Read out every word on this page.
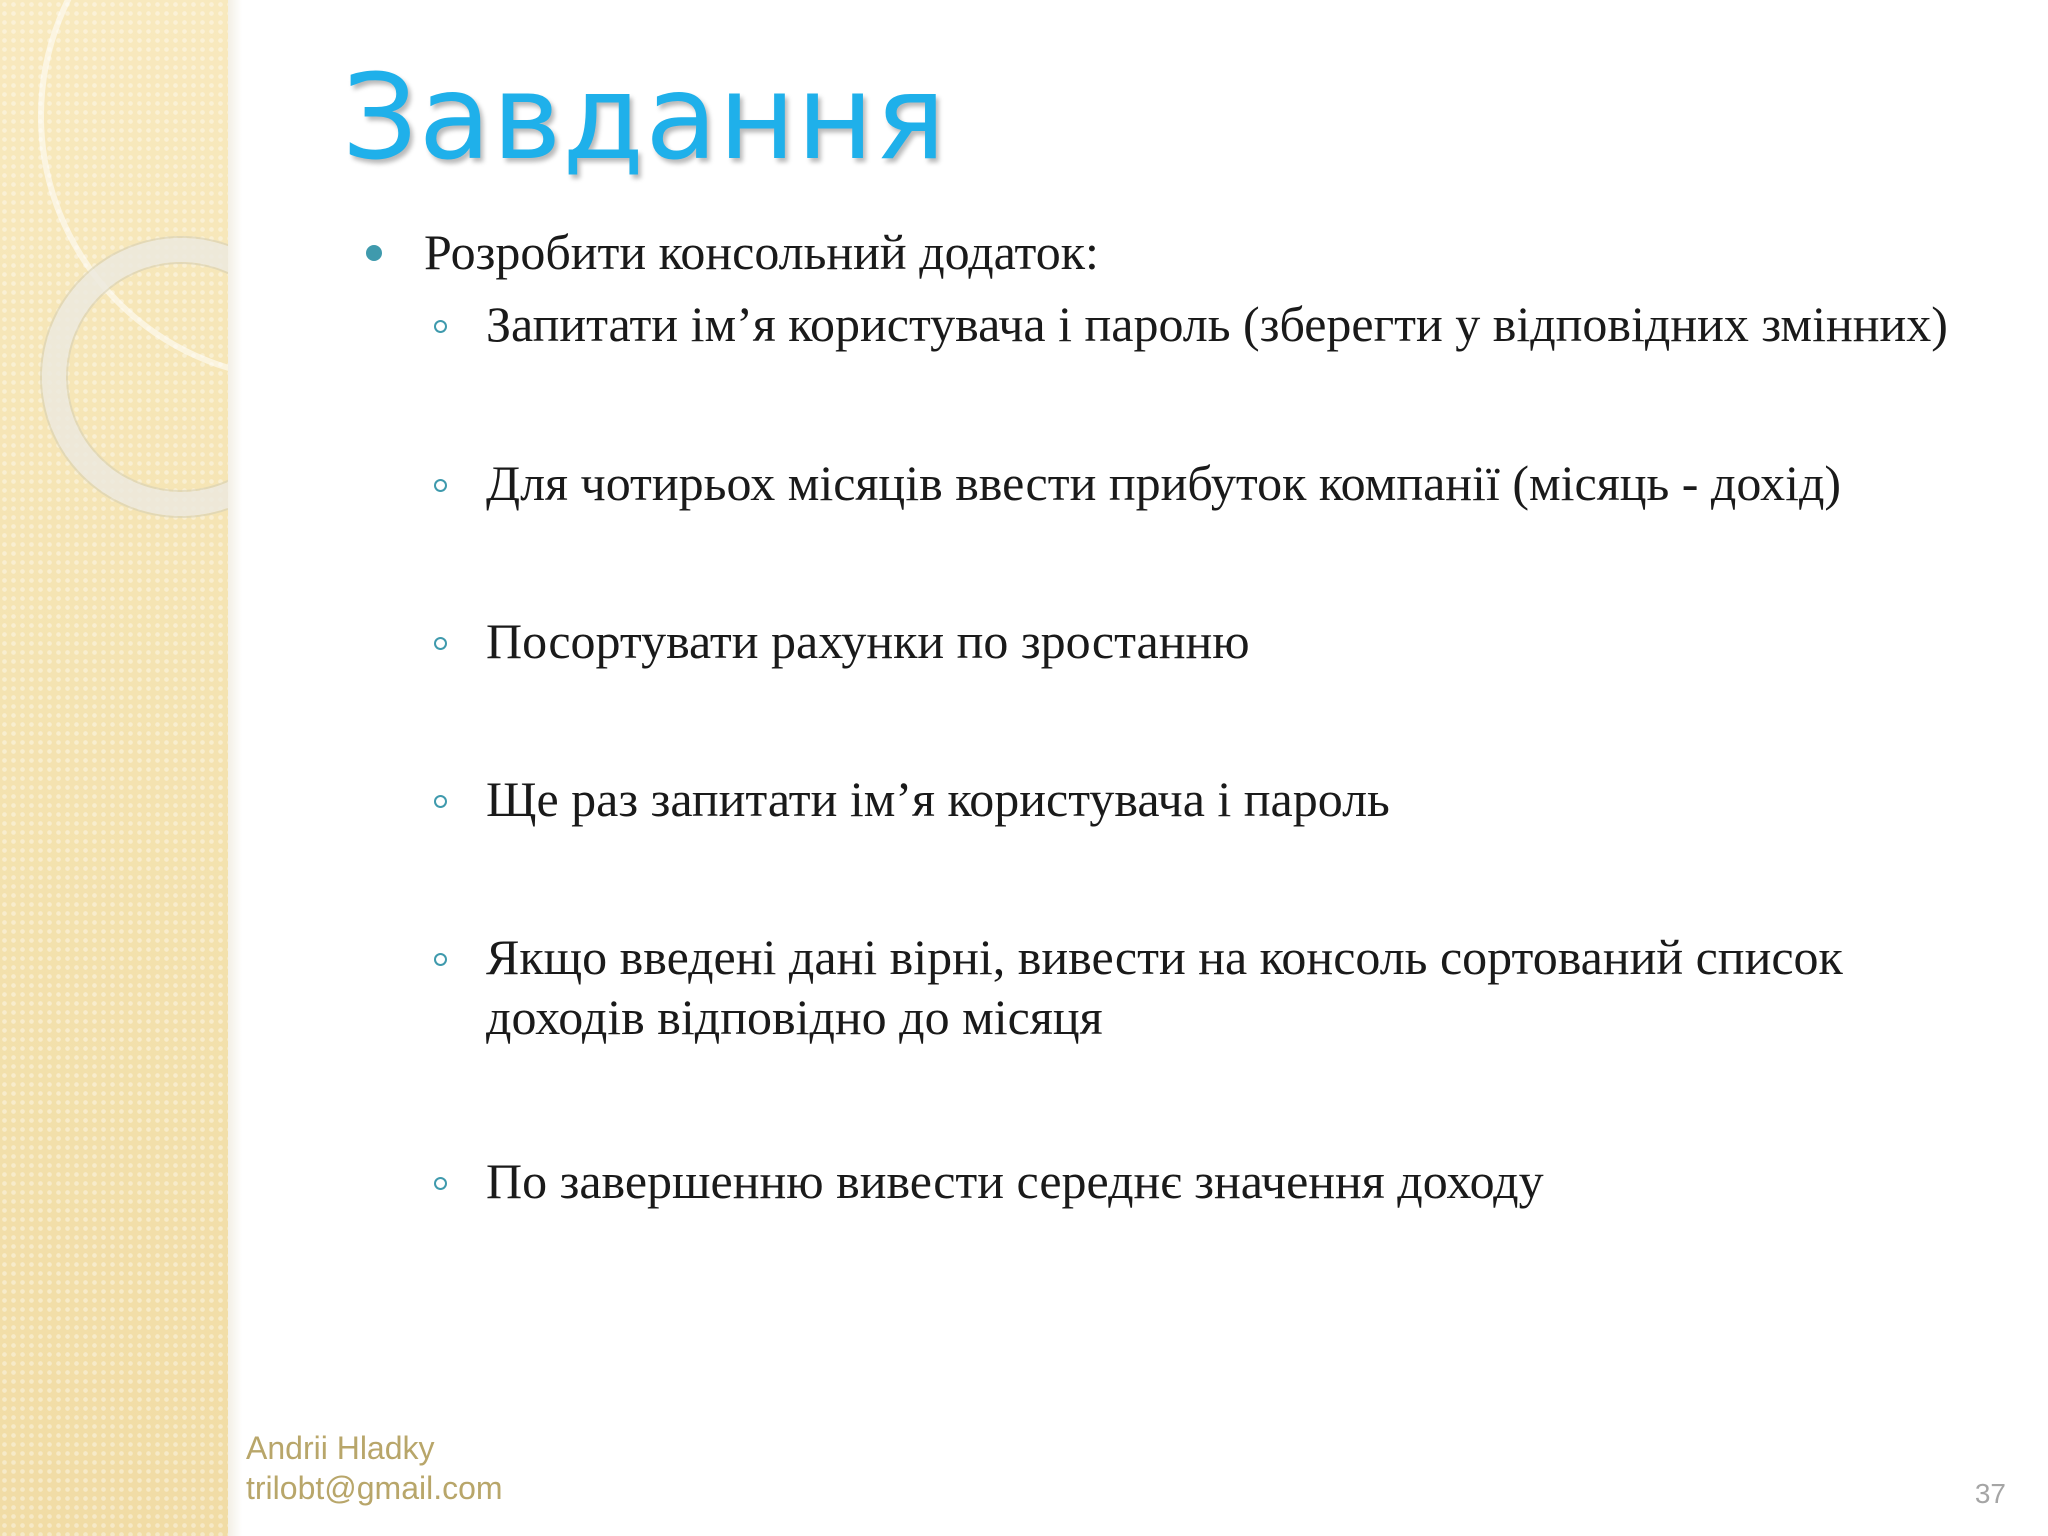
Завдання
Розробити консольний додаток:
Запитати ім’я користувача і пароль (зберегти у відповідних змінних)
Для чотирьох місяців ввести прибуток компанії (місяць - дохід)
Посортувати рахунки по зростанню
Ще раз запитати ім’я користувача і пароль
Якщо введені дані вірні, вивести на консоль сортований список доходів відповідно до місяця
По завершенню вивести середнє значення доходу
Andrii Hladky
trilobt@gmail.com	37
